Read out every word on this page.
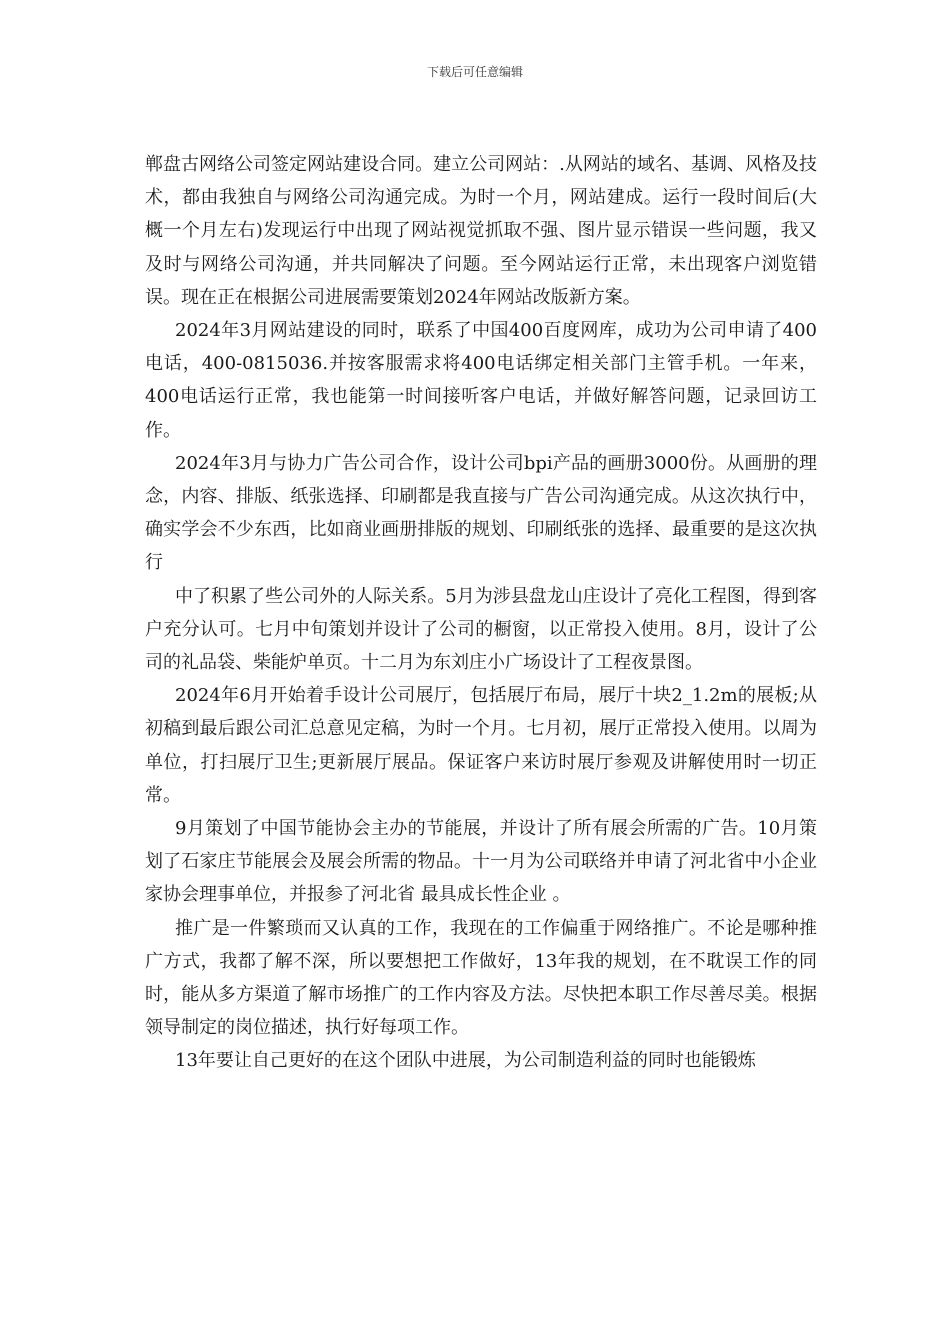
下载后可任意编辑

郸盘古网络公司签定网站建设合同。建立公司网站：.从网站的域名、基调、风格及技术，都由我独自与网络公司沟通完成。为时一个月，网站建成。运行一段时间后(大概一个月左右)发现运行中出现了网站视觉抓取不强、图片显示错误一些问题，我又及时与网络公司沟通，并共同解决了问题。至今网站运行正常，未出现客户浏览错误。现在正在根据公司进展需要策划2024年网站改版新方案。

2024年3月网站建设的同时，联系了中国400百度网库，成功为公司申请了400电话，400-0815036.并按客服需求将400电话绑定相关部门主管手机。一年来，400电话运行正常，我也能第一时间接听客户电话，并做好解答问题，记录回访工作。

2024年3月与协力广告公司合作，设计公司bpi产品的画册3000份。从画册的理念，内容、排版、纸张选择、印刷都是我直接与广告公司沟通完成。从这次执行中，确实学会不少东西，比如商业画册排版的规划、印刷纸张的选择、最重要的是这次执行

中了积累了些公司外的人际关系。5月为涉县盘龙山庄设计了亮化工程图，得到客户充分认可。七月中旬策划并设计了公司的橱窗，以正常投入使用。8月，设计了公司的礼品袋、柴能炉单页。十二月为东刘庄小广场设计了工程夜景图。

2024年6月开始着手设计公司展厅，包括展厅布局，展厅十块2_1.2m的展板;从初稿到最后跟公司汇总意见定稿，为时一个月。七月初，展厅正常投入使用。以周为单位，打扫展厅卫生;更新展厅展品。保证客户来访时展厅参观及讲解使用时一切正常。

9月策划了中国节能协会主办的节能展，并设计了所有展会所需的广告。10月策划了石家庄节能展会及展会所需的物品。十一月为公司联络并申请了河北省中小企业家协会理事单位，并报参了河北省 最具成长性企业 。

推广是一件繁琐而又认真的工作，我现在的工作偏重于网络推广。不论是哪种推广方式，我都了解不深，所以要想把工作做好，13年我的规划，在不耽误工作的同时，能从多方渠道了解市场推广的工作内容及方法。尽快把本职工作尽善尽美。根据领导制定的岗位描述，执行好每项工作。

13年要让自己更好的在这个团队中进展，为公司制造利益的同时也能锻炼
